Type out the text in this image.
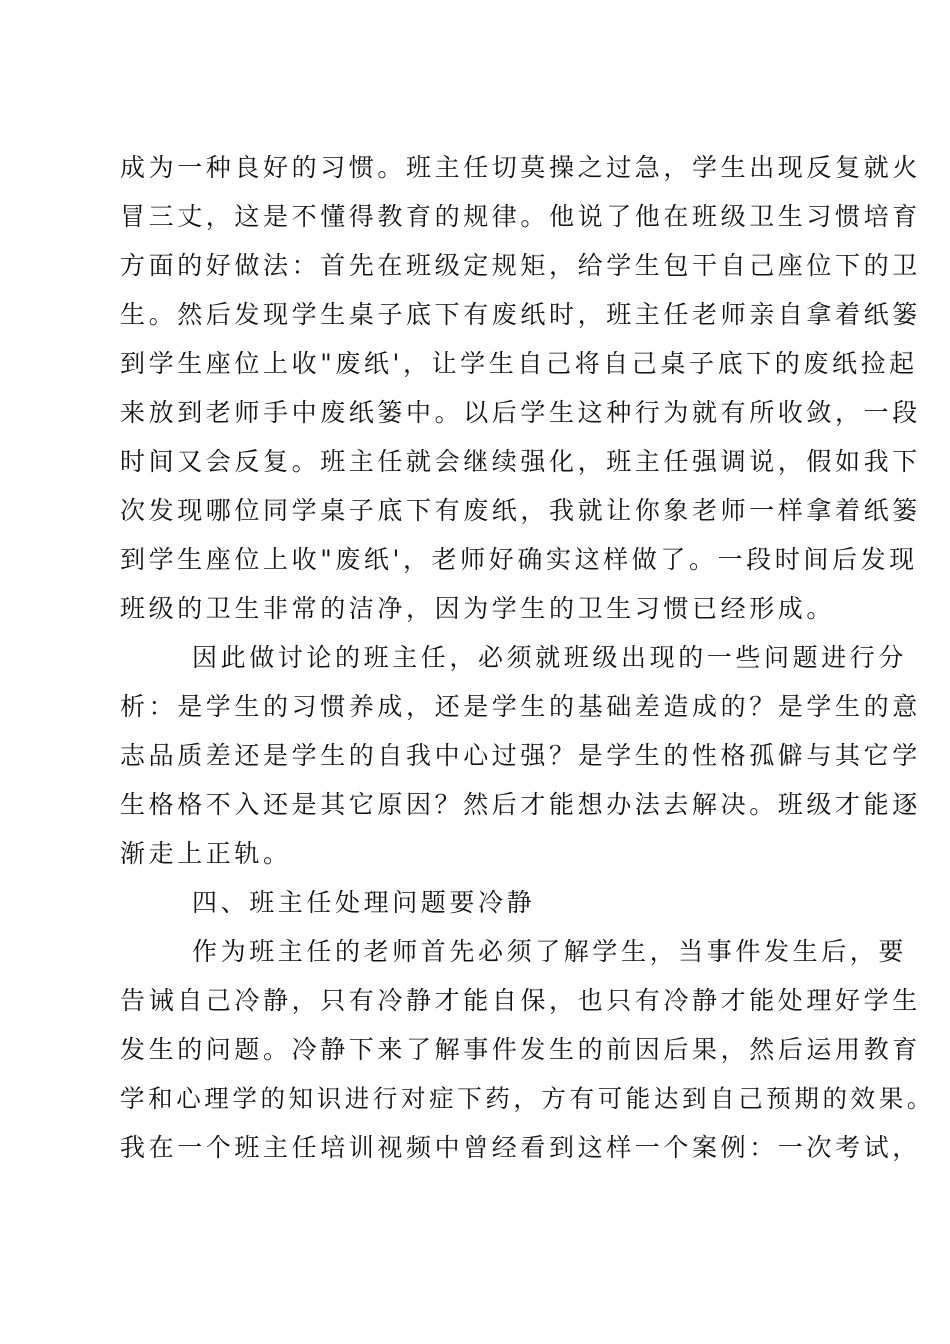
成为一种良好的习惯。班主任切莫操之过急，学生出现反复就火
冒三丈，这是不懂得教育的规律。他说了他在班级卫生习惯培育
方面的好做法：首先在班级定规矩，给学生包干自己座位下的卫
生。然后发现学生桌子底下有废纸时，班主任老师亲自拿着纸篓
到学生座位上收"废纸'，让学生自己将自己桌子底下的废纸捡起
来放到老师手中废纸篓中。以后学生这种行为就有所收敛，一段
时间又会反复。班主任就会继续强化，班主任强调说，假如我下
次发现哪位同学桌子底下有废纸，我就让你象老师一样拿着纸篓
到学生座位上收"废纸'，老师好确实这样做了。一段时间后发现
班级的卫生非常的洁净，因为学生的卫生习惯已经形成。
因此做讨论的班主任，必须就班级出现的一些问题进行分
析：是学生的习惯养成，还是学生的基础差造成的？是学生的意
志品质差还是学生的自我中心过强？是学生的性格孤僻与其它学
生格格不入还是其它原因？然后才能想办法去解决。班级才能逐
渐走上正轨。
四、班主任处理问题要冷静
作为班主任的老师首先必须了解学生，当事件发生后，要
告诫自己冷静，只有冷静才能自保，也只有冷静才能处理好学生
发生的问题。冷静下来了解事件发生的前因后果，然后运用教育
学和心理学的知识进行对症下药，方有可能达到自己预期的效果。
我在一个班主任培训视频中曾经看到这样一个案例：一次考试，
